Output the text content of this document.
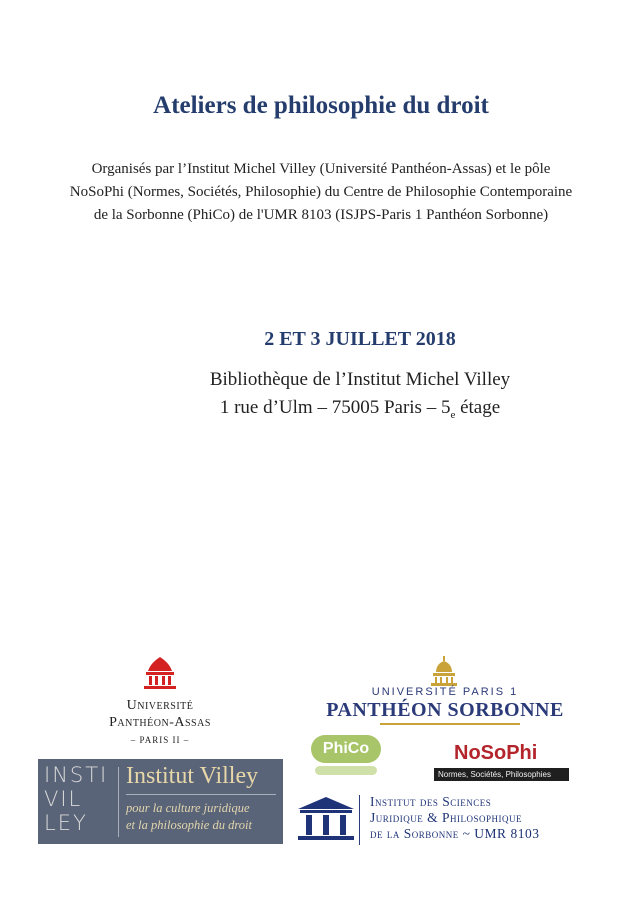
Ateliers de philosophie du droit
Organisés par l’Institut Michel Villey (Université Panthéon-Assas) et le pôle
NoSoPhi (Normes, Sociétés, Philosophie) du Centre de Philosophie Contemporaine
de la Sorbonne (PhiCo) de l'UMR 8103 (ISJPS-Paris 1 Panthéon Sorbonne)
2 ET 3 JUILLET 2018
Bibliothèque de l’Institut Michel Villey
1 rue d’Ulm – 75005 Paris – $5_e$ étage
Université
Panthéon-Assas
– PARIS II –
INSTI
VIL
LEY
Institut Villey
pour la culture juridique
et la philosophie du droit
UNIVERSITÉ PARIS 1
PANTHÉON SORBONNE
PhiCo	NoSoPhi
Normes, Sociétés, Philosophies
Institut des Sciences
Juridique & Philosophique
de la Sorbonne ~ UMR 8103
